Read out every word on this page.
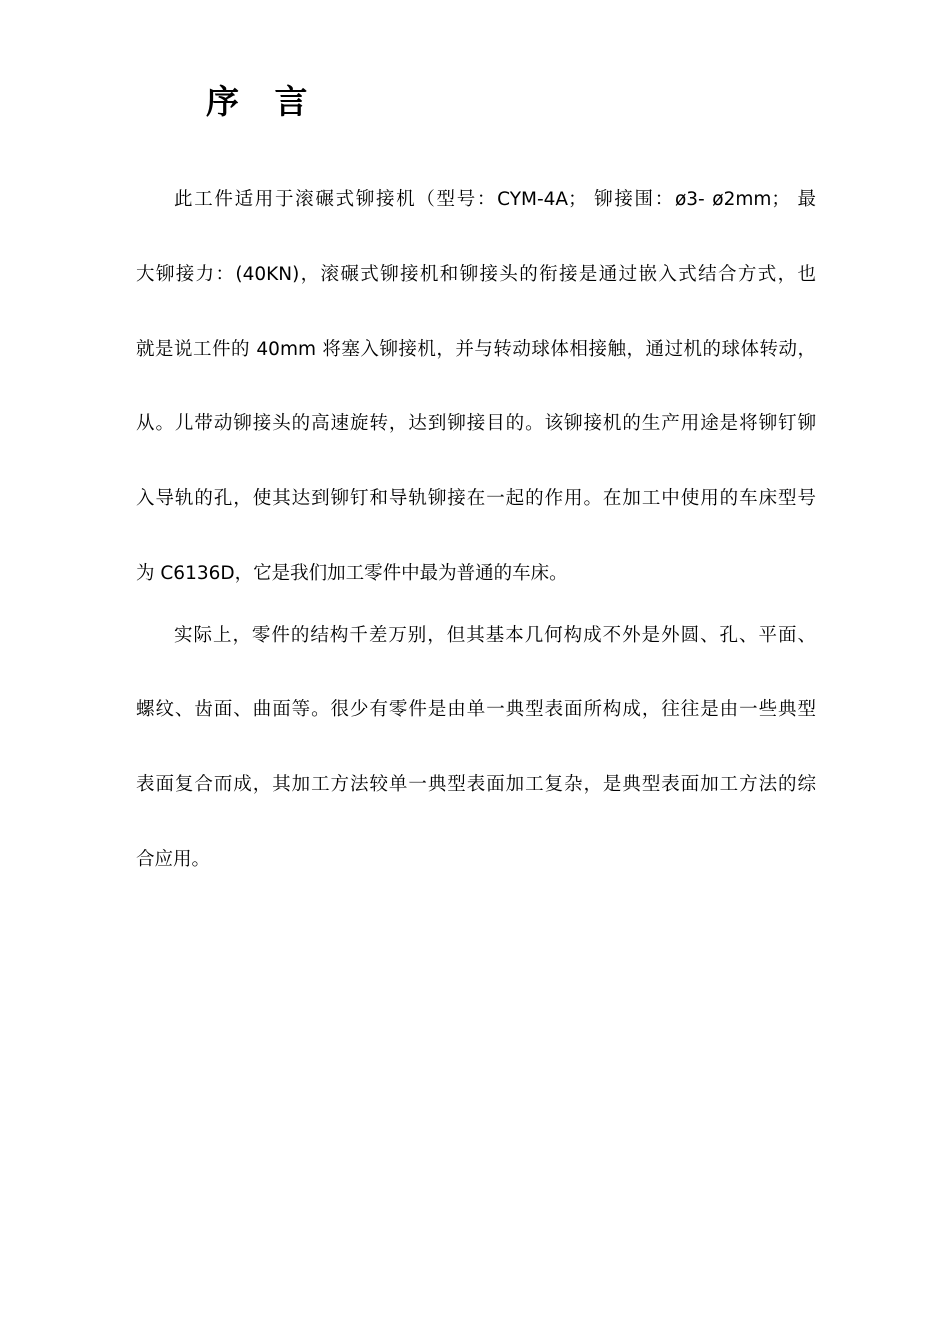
序 言
此工件适用于滚碾式铆接机（型号：CYM-4A； 铆接围：ø3- ø2mm； 最
大铆接力：(40KN)，滚碾式铆接机和铆接头的衔接是通过嵌入式结合方式，也
就是说工件的 40mm 将塞入铆接机，并与转动球体相接触，通过机的球体转动，
从。儿带动铆接头的高速旋转，达到铆接目的。该铆接机的生产用途是将铆钉铆
入导轨的孔，使其达到铆钉和导轨铆接在一起的作用。在加工中使用的车床型号
为 C6136D，它是我们加工零件中最为普通的车床。
实际上，零件的结构千差万别，但其基本几何构成不外是外圆、孔、平面、
螺纹、齿面、曲面等。很少有零件是由单一典型表面所构成，往往是由一些典型
表面复合而成，其加工方法较单一典型表面加工复杂，是典型表面加工方法的综
合应用。
